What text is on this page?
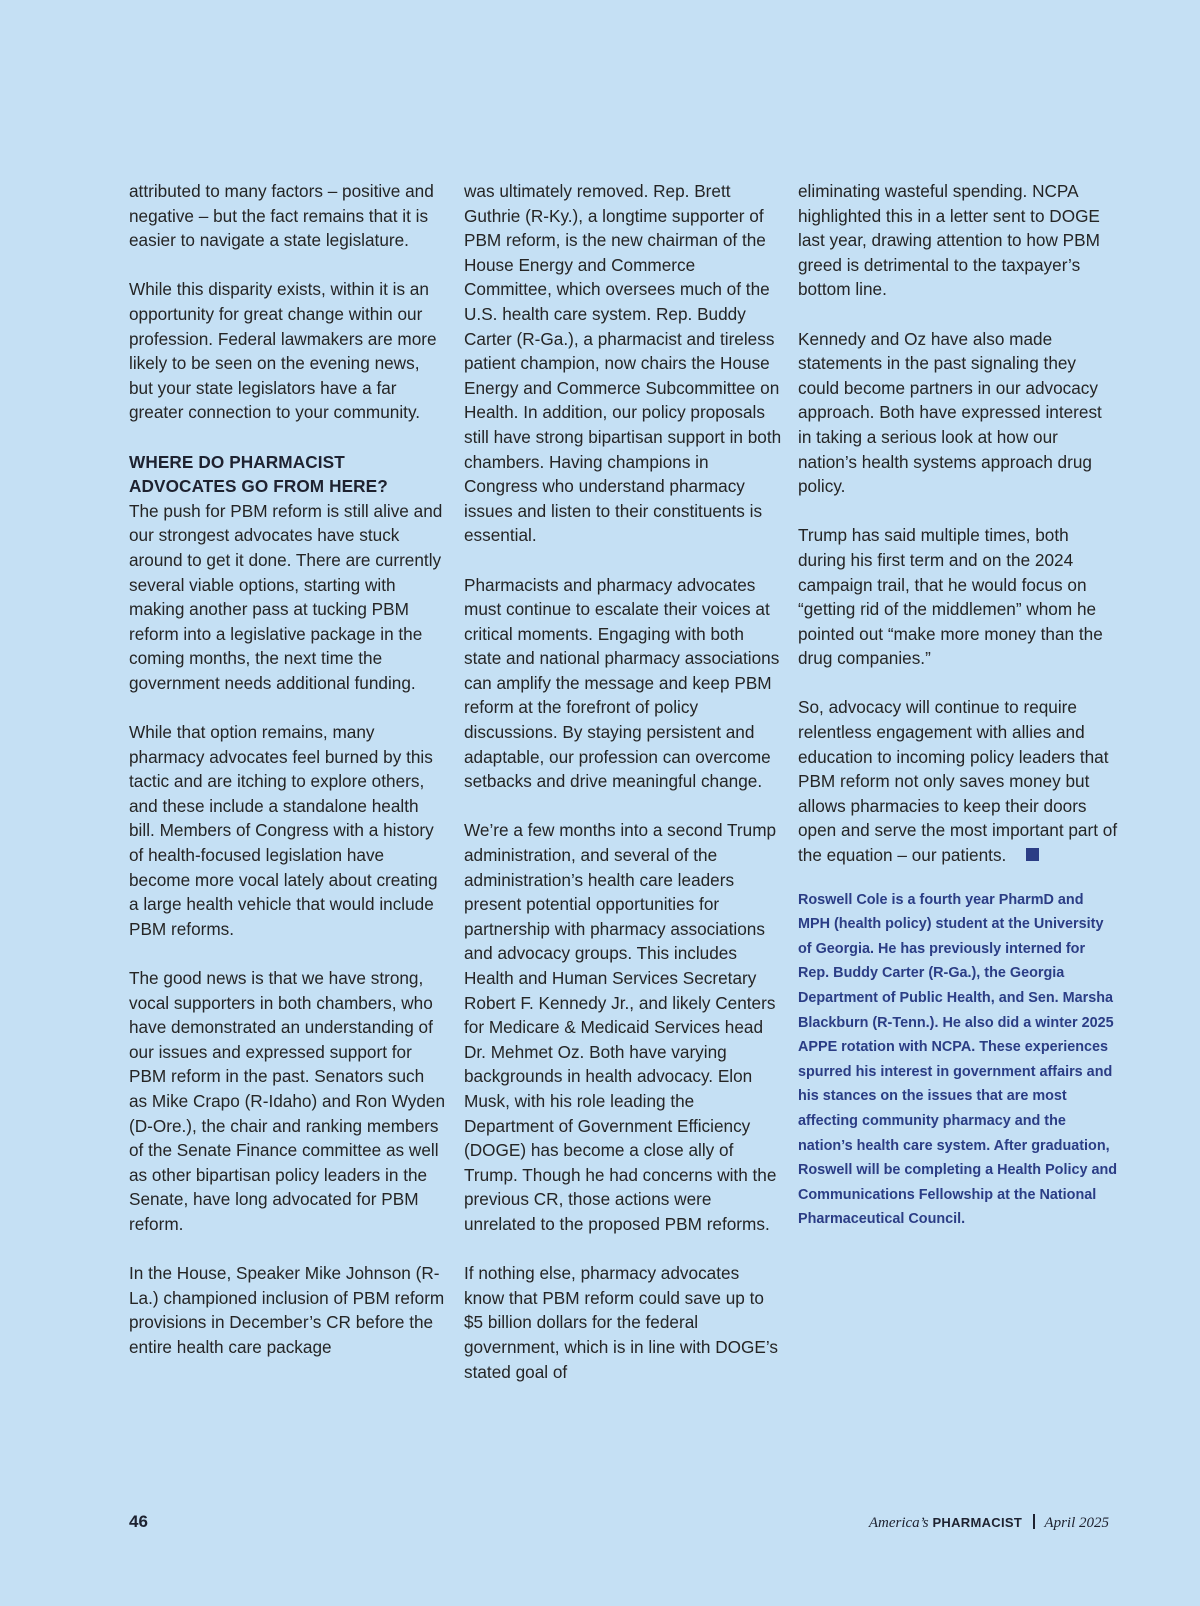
attributed to many factors – positive and negative – but the fact remains that it is easier to navigate a state legislature.

While this disparity exists, within it is an opportunity for great change within our profession. Federal lawmakers are more likely to be seen on the evening news, but your state legislators have a far greater connection to your community.

WHERE DO PHARMACIST ADVOCATES GO FROM HERE?

The push for PBM reform is still alive and our strongest advocates have stuck around to get it done. There are currently several viable options, starting with making another pass at tucking PBM reform into a legislative package in the coming months, the next time the government needs additional funding.

While that option remains, many pharmacy advocates feel burned by this tactic and are itching to explore others, and these include a standalone health bill. Members of Congress with a history of health-focused legislation have become more vocal lately about creating a large health vehicle that would include PBM reforms.

The good news is that we have strong, vocal supporters in both chambers, who have demonstrated an understanding of our issues and expressed support for PBM reform in the past. Senators such as Mike Crapo (R-Idaho) and Ron Wyden (D-Ore.), the chair and ranking members of the Senate Finance committee as well as other bipartisan policy leaders in the Senate, have long advocated for PBM reform.

In the House, Speaker Mike Johnson (R-La.) championed inclusion of PBM reform provisions in December’s CR before the entire health care package

was ultimately removed. Rep. Brett Guthrie (R-Ky.), a longtime supporter of PBM reform, is the new chairman of the House Energy and Commerce Committee, which oversees much of the U.S. health care system. Rep. Buddy Carter (R-Ga.), a pharmacist and tireless patient champion, now chairs the House Energy and Commerce Subcommittee on Health. In addition, our policy proposals still have strong bipartisan support in both chambers. Having champions in Congress who understand pharmacy issues and listen to their constituents is essential.

Pharmacists and pharmacy advocates must continue to escalate their voices at critical moments. Engaging with both state and national pharmacy associations can amplify the message and keep PBM reform at the forefront of policy discussions. By staying persistent and adaptable, our profession can overcome setbacks and drive meaningful change.

We’re a few months into a second Trump administration, and several of the administration’s health care leaders present potential opportunities for partnership with pharmacy associations and advocacy groups. This includes Health and Human Services Secretary Robert F. Kennedy Jr., and likely Centers for Medicare & Medicaid Services head Dr. Mehmet Oz. Both have varying backgrounds in health advocacy. Elon Musk, with his role leading the Department of Government Efficiency (DOGE) has become a close ally of Trump. Though he had concerns with the previous CR, those actions were unrelated to the proposed PBM reforms.

If nothing else, pharmacy advocates know that PBM reform could save up to $5 billion dollars for the federal government, which is in line with DOGE’s stated goal of

eliminating wasteful spending. NCPA highlighted this in a letter sent to DOGE last year, drawing attention to how PBM greed is detrimental to the taxpayer’s bottom line.

Kennedy and Oz have also made statements in the past signaling they could become partners in our advocacy approach. Both have expressed interest in taking a serious look at how our nation’s health systems approach drug policy.

Trump has said multiple times, both during his first term and on the 2024 campaign trail, that he would focus on “getting rid of the middlemen” whom he pointed out “make more money than the drug companies.”

So, advocacy will continue to require relentless engagement with allies and education to incoming policy leaders that PBM reform not only saves money but allows pharmacies to keep their doors open and serve the most important part of the equation – our patients.

Roswell Cole is a fourth year PharmD and MPH (health policy) student at the University of Georgia. He has previously interned for Rep. Buddy Carter (R-Ga.), the Georgia Department of Public Health, and Sen. Marsha Blackburn (R-Tenn.). He also did a winter 2025 APPE rotation with NCPA. These experiences spurred his interest in government affairs and his stances on the issues that are most affecting community pharmacy and the nation’s health care system. After graduation, Roswell will be completing a Health Policy and Communications Fellowship at the National Pharmaceutical Council.
46	America’s PHARMACIST April 2025
